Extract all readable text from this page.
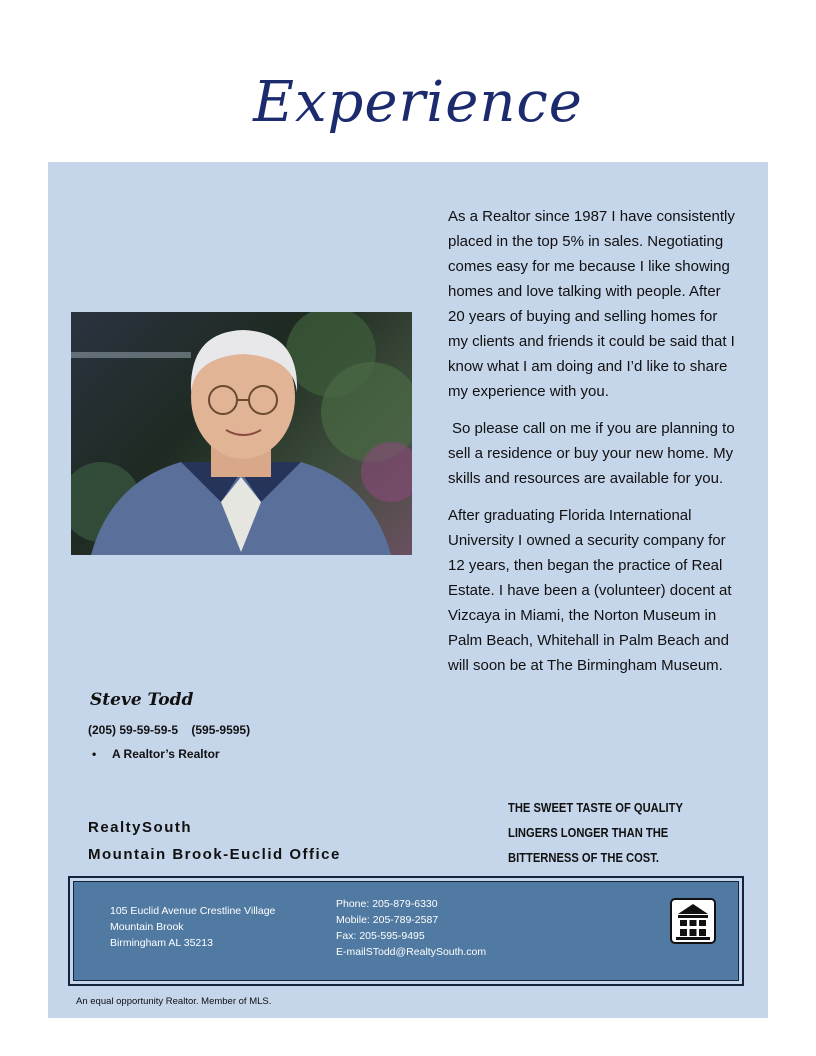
Experience

As a Realtor since 1987 I have consistently placed in the top 5% in sales. Negotiating comes easy for me because I like showing homes and love talking with people. After 20 years of buying and selling homes for my clients and friends it could be said that I know what I am doing and I’d like to share my experience with you.

So please call on me if you are planning to sell a residence or buy your new home. My skills and resources are available for you.

After graduating Florida International University I owned a security company for 12 years, then began the practice of Real Estate. I have been a (volunteer) docent at Vizcaya in Miami, the Norton Museum in Palm Beach, Whitehall in Palm Beach and will soon be at The Birmingham Museum.

Steve Todd
(205) 59-59-59-5    (595-9595)
• A Realtor’s Realtor
RealtySouth
Mountain Brook-Euclid Office
THE SWEET TASTE OF QUALITY LINGERS LONGER THAN THE BITTERNESS OF THE COST.
105 Euclid Avenue Crestline Village
Mountain Brook
Birmingham AL 35213
Phone: 205-879-6330
Mobile: 205-789-2587
Fax: 205-595-9495
E-mailSTodd@RealtySouth.com
An equal opportunity Realtor. Member of MLS.
